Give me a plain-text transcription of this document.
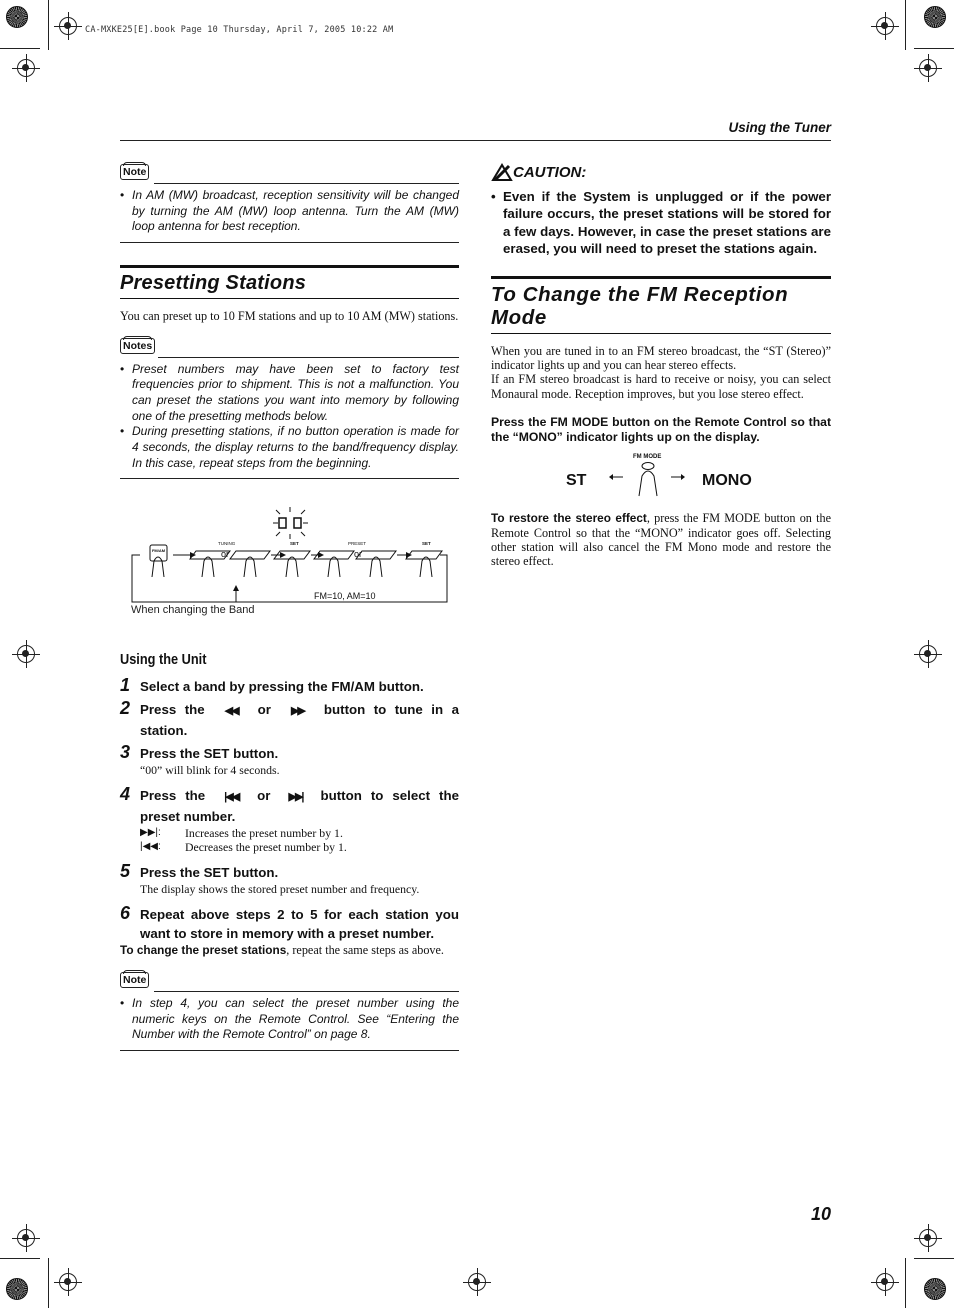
CA-MXKE25[E].book Page 10 Thursday, April 7, 2005 10:22 AM
Using the Tuner
Note
• In AM (MW) broadcast, reception sensitivity will be changed by turning the AM (MW) loop antenna. Turn the AM (MW) loop antenna for best reception.
Presetting Stations

You can preset up to 10 FM stations and up to 10 AM (MW) stations.

Notes
• Preset numbers may have been set to factory test frequencies prior to shipment. This is not a malfunction. You can preset the stations you want into memory by following one of the presetting methods below.
• During presetting stations, if no button operation is made for 4 seconds, the display returns to the band/frequency display. In this case, repeat steps from the beginning.
FM/AM
TUNING
or
SET	PRESET
or
SET
FM=10, AM=10
When changing the Band
Using the Unit
1 Select a band by pressing the FM/AM button.
2 Press the ◀◀ or ▶▶ button to tune in a station.
3 Press the SET button.
“00” will blink for 4 seconds.
4 Press the |◀◀ or ▶▶| button to select the preset number.
▶▶|:	Increases the preset number by 1.
|◀◀:	Decreases the preset number by 1.
5 Press the SET button.
The display shows the stored preset number and frequency.
6 Repeat above steps 2 to 5 for each station you want to store in memory with a preset number.

To change the preset stations, repeat the same steps as above.

Note
• In step 4, you can select the preset number using the numeric keys on the Remote Control. See “Entering the Number with the Remote Control” on page 8.
CAUTION:
• Even if the System is unplugged or if the power failure occurs, the preset stations will be stored for a few days. However, in case the preset stations are erased, you will need to preset the stations again.
To Change the FM Reception Mode

When you are tuned in to an FM stereo broadcast, the “ST (Stereo)” indicator lights up and you can hear stereo effects.

If an FM stereo broadcast is hard to receive or noisy, you can select Monaural mode. Reception improves, but you lose stereo effect.

Press the FM MODE button on the Remote Control so that the “MONO” indicator lights up on the display.

FM MODE
ST	MONO

To restore the stereo effect, press the FM MODE button on the Remote Control so that the “MONO” indicator goes off. Selecting other station will also cancel the FM Mono mode and restore the stereo effect.

10
